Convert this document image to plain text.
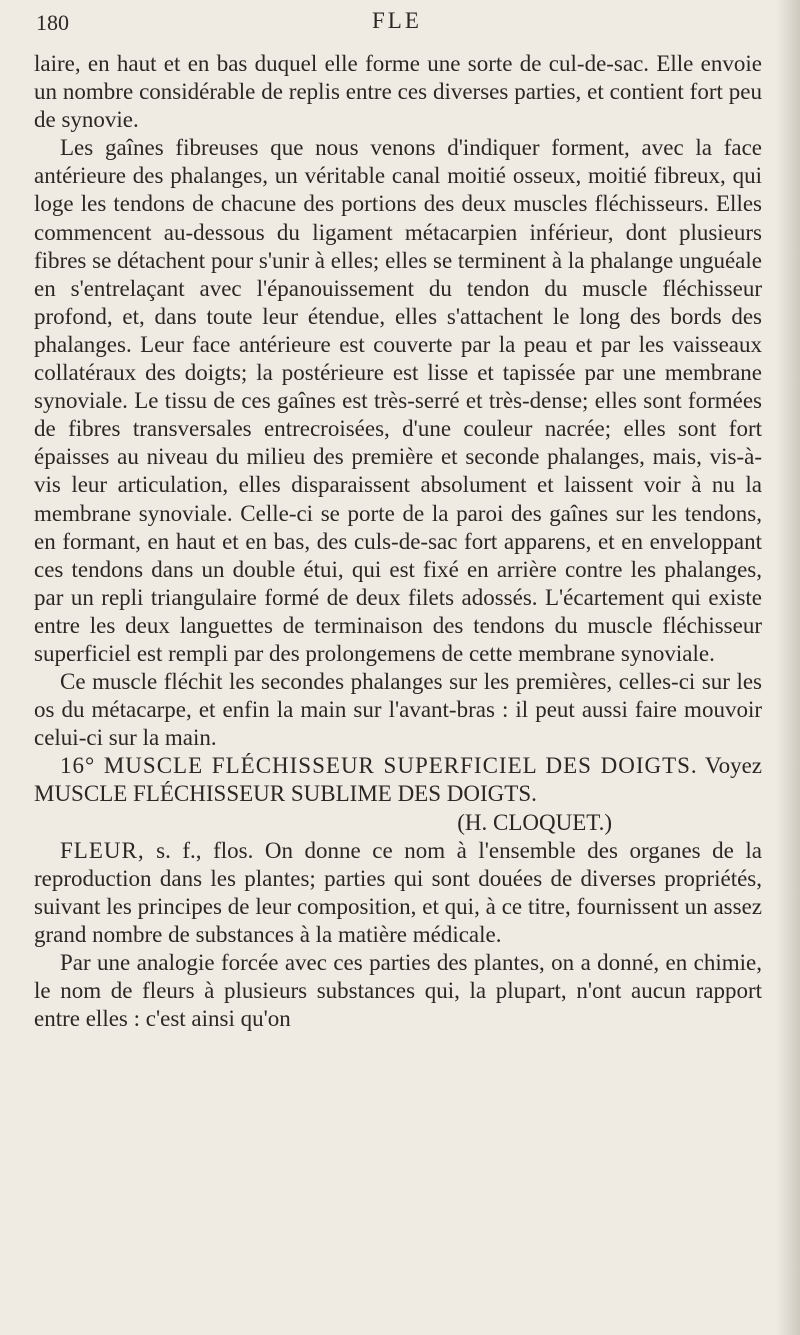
180	FLE

laire, en haut et en bas duquel elle forme une sorte de cul-de-sac. Elle envoie un nombre considérable de replis entre ces diverses parties, et contient fort peu de synovie.

Les gaînes fibreuses que nous venons d'indiquer forment, avec la face antérieure des phalanges, un véritable canal moitié osseux, moitié fibreux, qui loge les tendons de chacune des portions des deux muscles fléchisseurs. Elles commencent au-dessous du ligament métacarpien inférieur, dont plusieurs fibres se détachent pour s'unir à elles; elles se terminent à la phalange unguéale en s'entrelaçant avec l'épanouissement du tendon du muscle fléchisseur profond, et, dans toute leur étendue, elles s'attachent le long des bords des phalanges. Leur face antérieure est couverte par la peau et par les vaisseaux collatéraux des doigts; la postérieure est lisse et tapissée par une membrane synoviale. Le tissu de ces gaînes est très-serré et très-dense; elles sont formées de fibres transversales entrecroisées, d'une couleur nacrée; elles sont fort épaisses au niveau du milieu des première et seconde phalanges, mais, vis-à-vis leur articulation, elles disparaissent absolument et laissent voir à nu la membrane synoviale. Celle-ci se porte de la paroi des gaînes sur les tendons, en formant, en haut et en bas, des culs-de-sac fort apparens, et en enveloppant ces tendons dans un double étui, qui est fixé en arrière contre les phalanges, par un repli triangulaire formé de deux filets adossés. L'écartement qui existe entre les deux languettes de terminaison des tendons du muscle fléchisseur superficiel est rempli par des prolongemens de cette membrane synoviale.

Ce muscle fléchit les secondes phalanges sur les premières, celles-ci sur les os du métacarpe, et enfin la main sur l'avant-bras : il peut aussi faire mouvoir celui-ci sur la main.

16° MUSCLE FLÉCHISSEUR SUPERFICIEL DES DOIGTS. Voyez MUSCLE FLÉCHISSEUR SUBLIME DES DOIGTS.

(H. CLOQUET.)

FLEUR, s. f., flos. On donne ce nom à l'ensemble des organes de la reproduction dans les plantes; parties qui sont douées de diverses propriétés, suivant les principes de leur composition, et qui, à ce titre, fournissent un assez grand nombre de substances à la matière médicale.

Par une analogie forcée avec ces parties des plantes, on a donné, en chimie, le nom de fleurs à plusieurs substances qui, la plupart, n'ont aucun rapport entre elles : c'est ainsi qu'on
